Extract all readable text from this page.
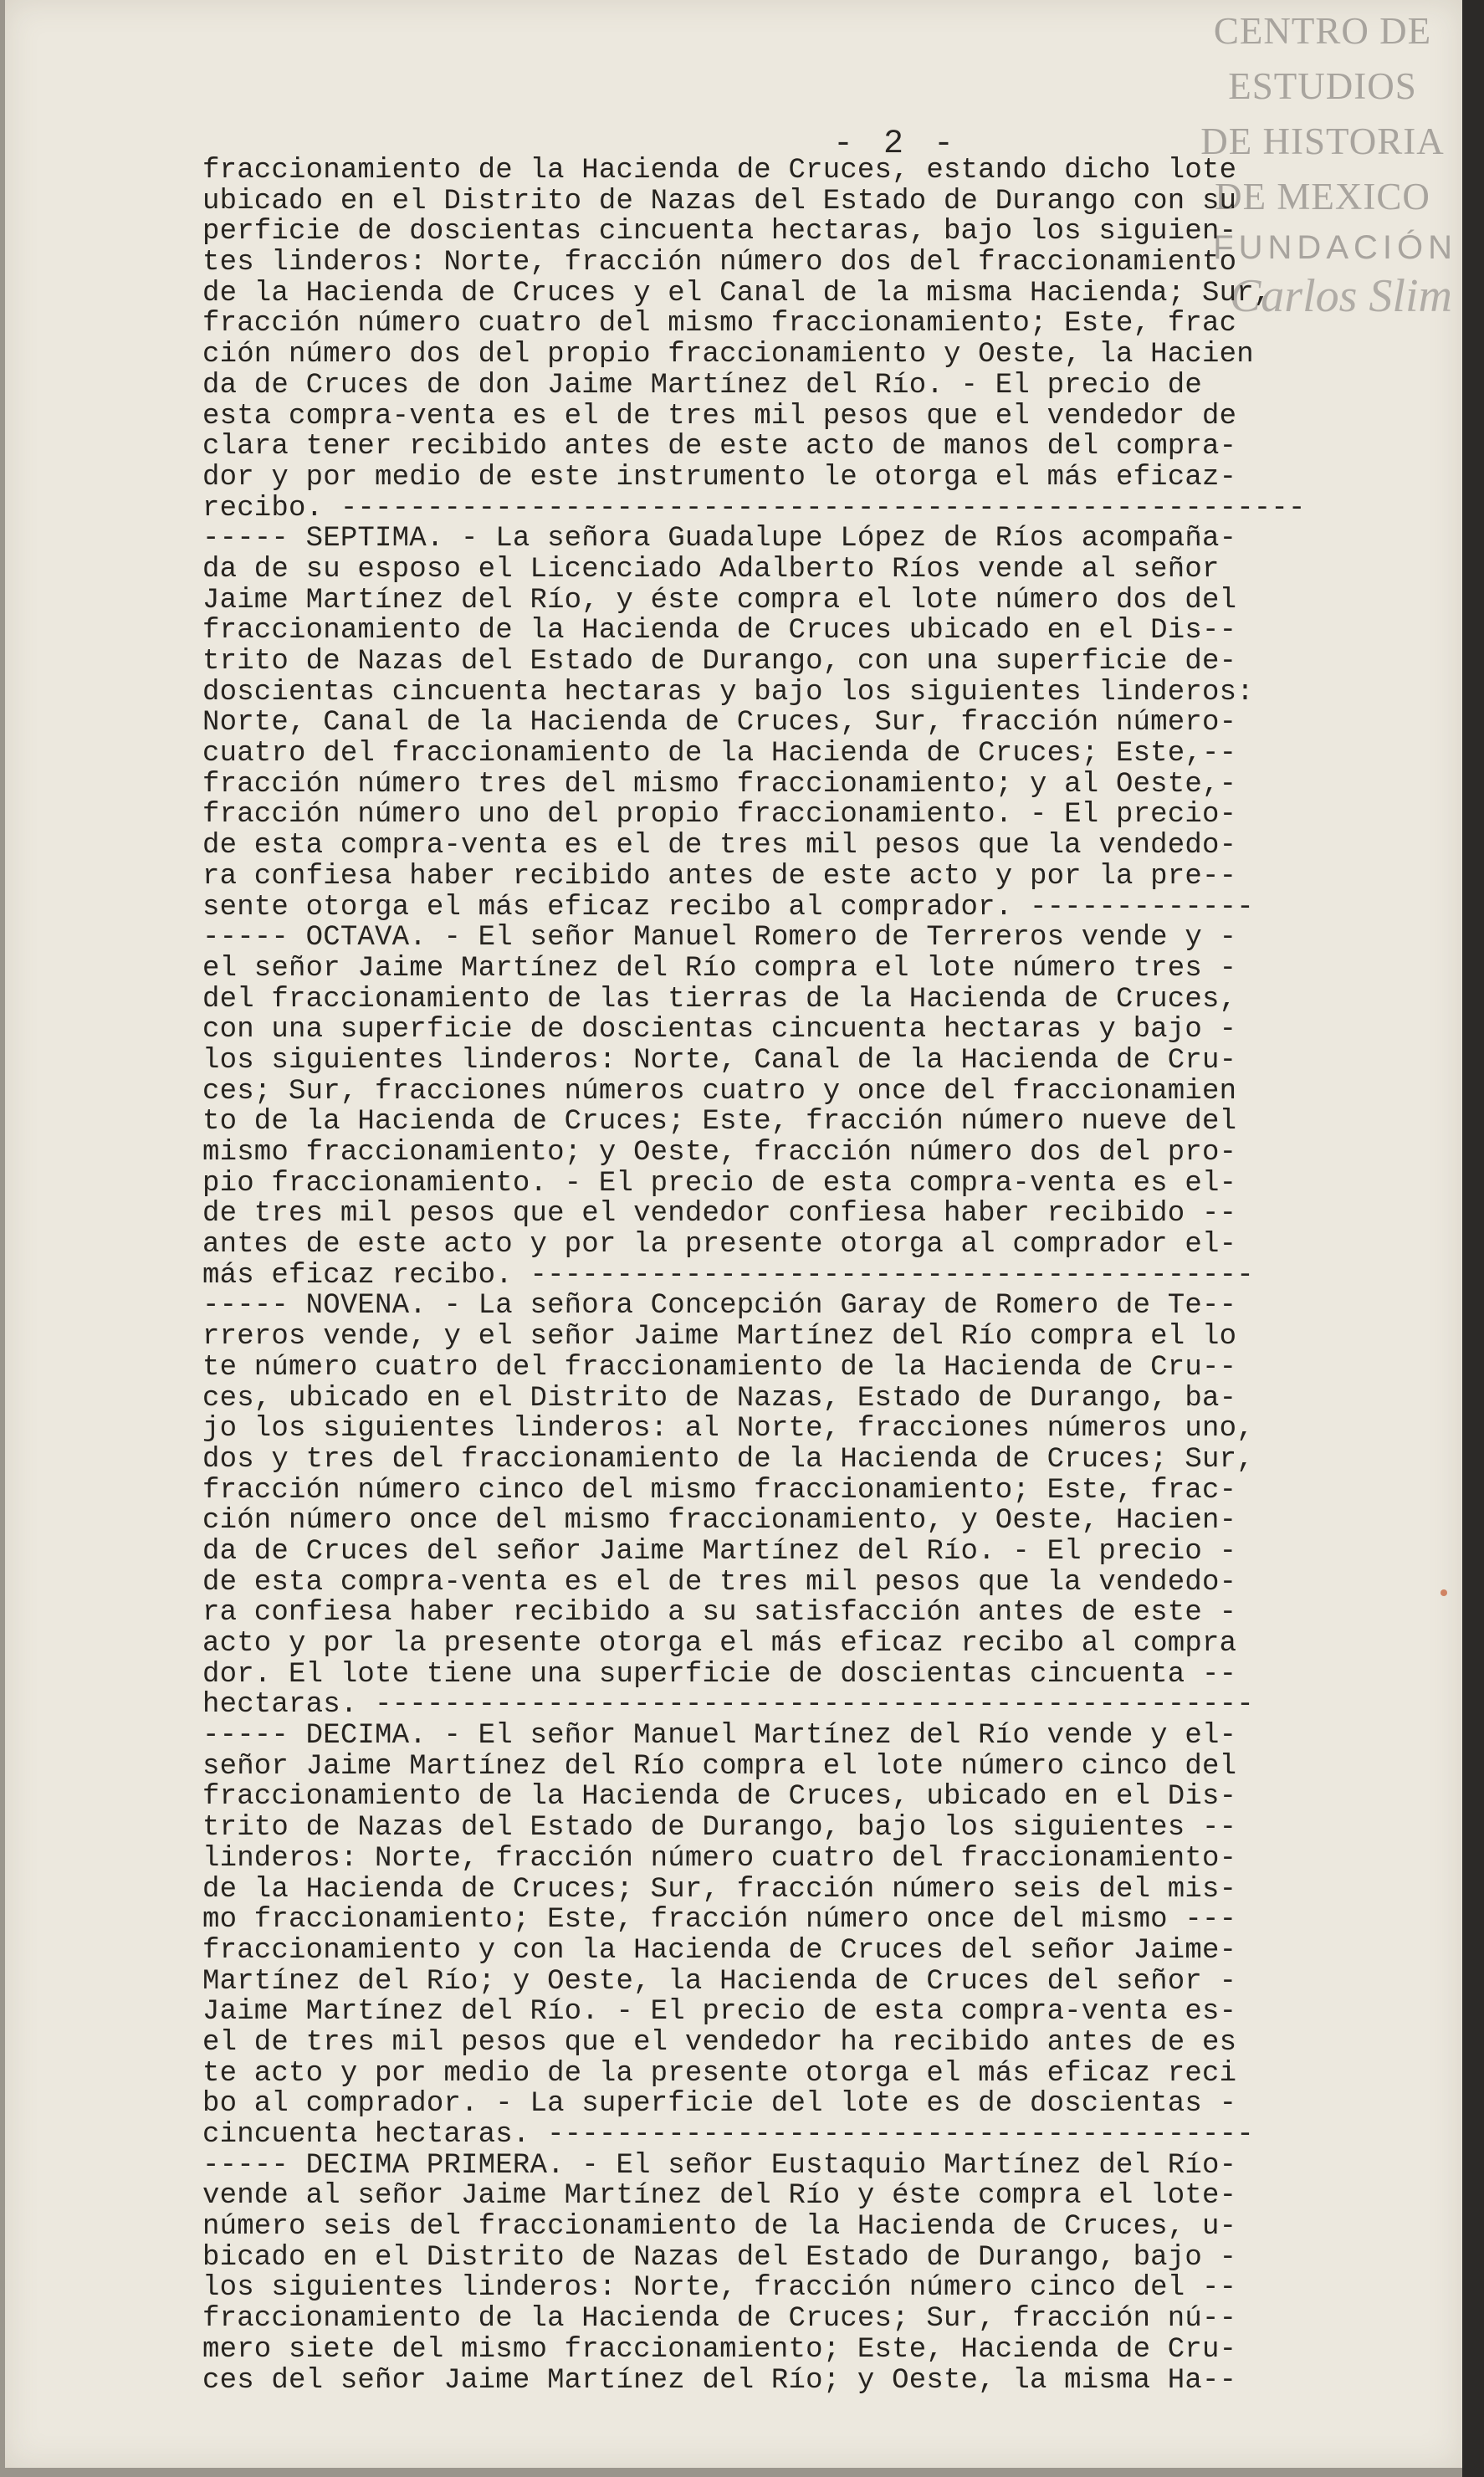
CENTRO DE
ESTUDIOS
DE HISTORIA
DE MEXICO
FUNDACIÓN
Carlos Slim
- 2 -
fraccionamiento de la Hacienda de Cruces, estando dicho lote
ubicado en el Distrito de Nazas del Estado de Durango con su
perficie de doscientas cincuenta hectaras, bajo los siguien-
tes linderos: Norte, fracción número dos del fraccionamiento
de la Hacienda de Cruces y el Canal de la misma Hacienda; Sur,
fracción número cuatro del mismo fraccionamiento; Este, frac
ción número dos del propio fraccionamiento y Oeste, la Hacien
da de Cruces de don Jaime Martínez del Río. - El precio de
esta compra-venta es el de tres mil pesos que el vendedor de
clara tener recibido antes de este acto de manos del compra-
dor y por medio de este instrumento le otorga el más eficaz-
recibo. --------------------------------------------------------
----- SEPTIMA. - La señora Guadalupe López de Ríos acompaña-
da de su esposo el Licenciado Adalberto Ríos vende al señor
Jaime Martínez del Río, y éste compra el lote número dos del
fraccionamiento de la Hacienda de Cruces ubicado en el Dis--
trito de Nazas del Estado de Durango, con una superficie de-
doscientas cincuenta hectaras y bajo los siguientes linderos:
Norte, Canal de la Hacienda de Cruces, Sur, fracción número-
cuatro del fraccionamiento de la Hacienda de Cruces; Este,--
fracción número tres del mismo fraccionamiento; y al Oeste,-
fracción número uno del propio fraccionamiento. - El precio-
de esta compra-venta es el de tres mil pesos que la vendedo-
ra confiesa haber recibido antes de este acto y por la pre--
sente otorga el más eficaz recibo al comprador. -------------
----- OCTAVA. - El señor Manuel Romero de Terreros vende y -
el señor Jaime Martínez del Río compra el lote número tres -
del fraccionamiento de las tierras de la Hacienda de Cruces,
con una superficie de doscientas cincuenta hectaras y bajo -
los siguientes linderos: Norte, Canal de la Hacienda de Cru-
ces; Sur, fracciones números cuatro y once del fraccionamien
to de la Hacienda de Cruces; Este, fracción número nueve del
mismo fraccionamiento; y Oeste, fracción número dos del pro-
pio fraccionamiento. - El precio de esta compra-venta es el-
de tres mil pesos que el vendedor confiesa haber recibido --
antes de este acto y por la presente otorga al comprador el-
más eficaz recibo. ------------------------------------------
----- NOVENA. - La señora Concepción Garay de Romero de Te--
rreros vende, y el señor Jaime Martínez del Río compra el lo
te número cuatro del fraccionamiento de la Hacienda de Cru--
ces, ubicado en el Distrito de Nazas, Estado de Durango, ba-
jo los siguientes linderos: al Norte, fracciones números uno,
dos y tres del fraccionamiento de la Hacienda de Cruces; Sur,
fracción número cinco del mismo fraccionamiento; Este, frac-
ción número once del mismo fraccionamiento, y Oeste, Hacien-
da de Cruces del señor Jaime Martínez del Río. - El precio -
de esta compra-venta es el de tres mil pesos que la vendedo-
ra confiesa haber recibido a su satisfacción antes de este -
acto y por la presente otorga el más eficaz recibo al compra
dor. El lote tiene una superficie de doscientas cincuenta --
hectaras. ---------------------------------------------------
----- DECIMA. - El señor Manuel Martínez del Río vende y el-
señor Jaime Martínez del Río compra el lote número cinco del
fraccionamiento de la Hacienda de Cruces, ubicado en el Dis-
trito de Nazas del Estado de Durango, bajo los siguientes --
linderos: Norte, fracción número cuatro del fraccionamiento-
de la Hacienda de Cruces; Sur, fracción número seis del mis-
mo fraccionamiento; Este, fracción número once del mismo ---
fraccionamiento y con la Hacienda de Cruces del señor Jaime-
Martínez del Río; y Oeste, la Hacienda de Cruces del señor -
Jaime Martínez del Río. - El precio de esta compra-venta es-
el de tres mil pesos que el vendedor ha recibido antes de es
te acto y por medio de la presente otorga el más eficaz reci
bo al comprador. - La superficie del lote es de doscientas -
cincuenta hectaras. -----------------------------------------
----- DECIMA PRIMERA. - El señor Eustaquio Martínez del Río-
vende al señor Jaime Martínez del Río y éste compra el lote-
número seis del fraccionamiento de la Hacienda de Cruces, u-
bicado en el Distrito de Nazas del Estado de Durango, bajo -
los siguientes linderos: Norte, fracción número cinco del --
fraccionamiento de la Hacienda de Cruces; Sur, fracción nú--
mero siete del mismo fraccionamiento; Este, Hacienda de Cru-
ces del señor Jaime Martínez del Río; y Oeste, la misma Ha--
